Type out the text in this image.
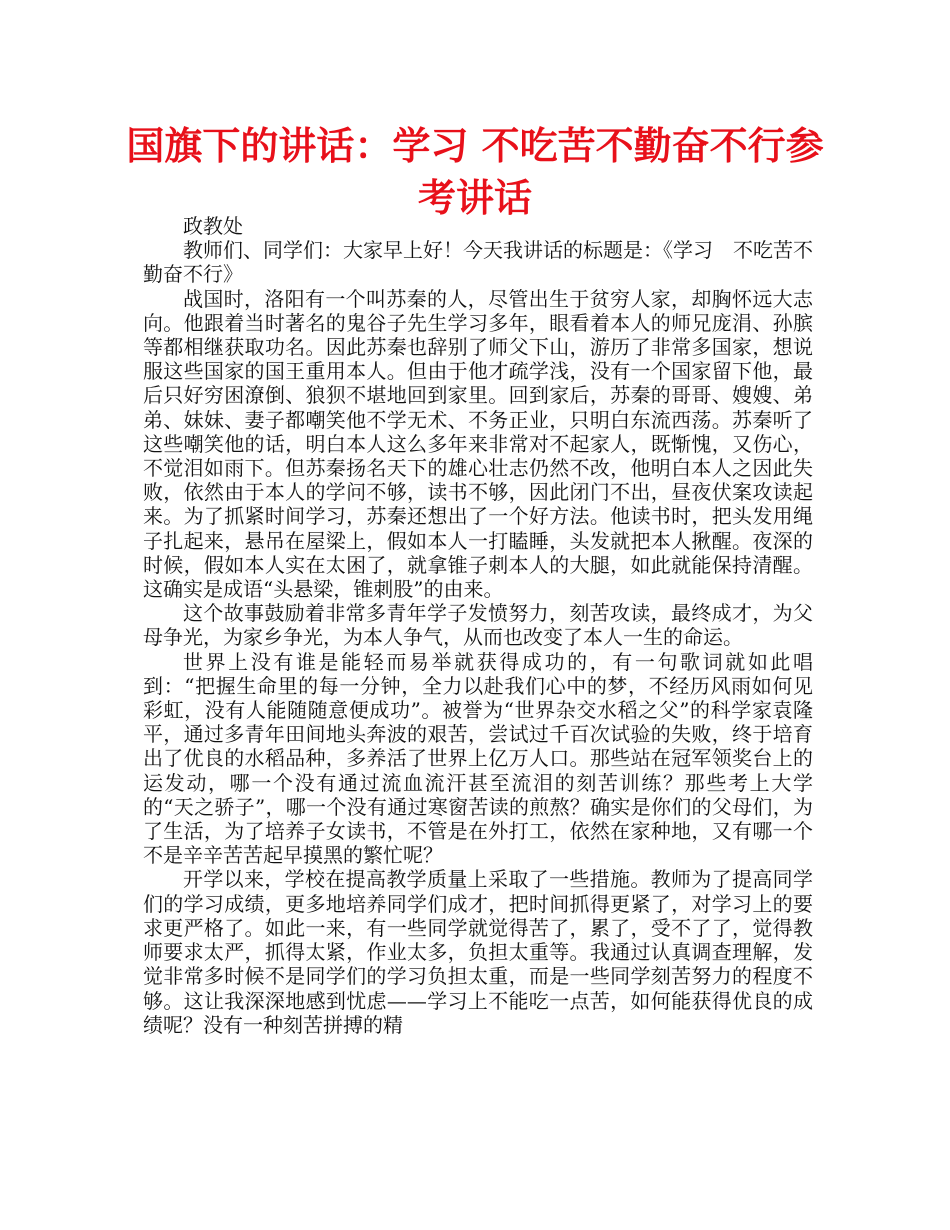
国旗下的讲话：学习 不吃苦不勤奋不行参考讲话

政教处

教师们、同学们：大家早上好！今天我讲话的标题是：《学习　不吃苦不勤奋不行》

战国时，洛阳有一个叫苏秦的人，尽管出生于贫穷人家，却胸怀远大志向。他跟着当时著名的鬼谷子先生学习多年，眼看着本人的师兄庞涓、孙膑等都相继获取功名。因此苏秦也辞别了师父下山，游历了非常多国家，想说服这些国家的国王重用本人。但由于他才疏学浅，没有一个国家留下他，最后只好穷困潦倒、狼狈不堪地回到家里。回到家后，苏秦的哥哥、嫂嫂、弟弟、妹妹、妻子都嘲笑他不学无术、不务正业，只明白东流西荡。苏秦听了这些嘲笑他的话，明白本人这么多年来非常对不起家人，既惭愧，又伤心，不觉泪如雨下。但苏秦扬名天下的雄心壮志仍然不改，他明白本人之因此失败，依然由于本人的学问不够，读书不够，因此闭门不出，昼夜伏案攻读起来。为了抓紧时间学习，苏秦还想出了一个好方法。他读书时，把头发用绳子扎起来，悬吊在屋梁上，假如本人一打瞌睡，头发就把本人揪醒。夜深的时候，假如本人实在太困了，就拿锥子刺本人的大腿，如此就能保持清醒。这确实是成语“头悬梁，锥刺股”的由来。

这个故事鼓励着非常多青年学子发愤努力，刻苦攻读，最终成才，为父母争光，为家乡争光，为本人争气，从而也改变了本人一生的命运。

世界上没有谁是能轻而易举就获得成功的，有一句歌词就如此唱到：“把握生命里的每一分钟，全力以赴我们心中的梦，不经历风雨如何见彩虹，没有人能随随意便成功”。被誉为“世界杂交水稻之父”的科学家袁隆平，通过多青年田间地头奔波的艰苦，尝试过千百次试验的失败，终于培育出了优良的水稻品种，多养活了世界上亿万人口。那些站在冠军领奖台上的运发动，哪一个没有通过流血流汗甚至流泪的刻苦训练？那些考上大学的“天之骄子”，哪一个没有通过寒窗苦读的煎熬？确实是你们的父母们，为了生活，为了培养子女读书，不管是在外打工，依然在家种地，又有哪一个不是辛辛苦苦起早摸黑的繁忙呢？

开学以来，学校在提高教学质量上采取了一些措施。教师为了提高同学们的学习成绩，更多地培养同学们成才，把时间抓得更紧了，对学习上的要求更严格了。如此一来，有一些同学就觉得苦了，累了，受不了了，觉得教师要求太严，抓得太紧，作业太多，负担太重等。我通过认真调查理解，发觉非常多时候不是同学们的学习负担太重，而是一些同学刻苦努力的程度不够。这让我深深地感到忧虑——学习上不能吃一点苦，如何能获得优良的成绩呢？没有一种刻苦拼搏的精
